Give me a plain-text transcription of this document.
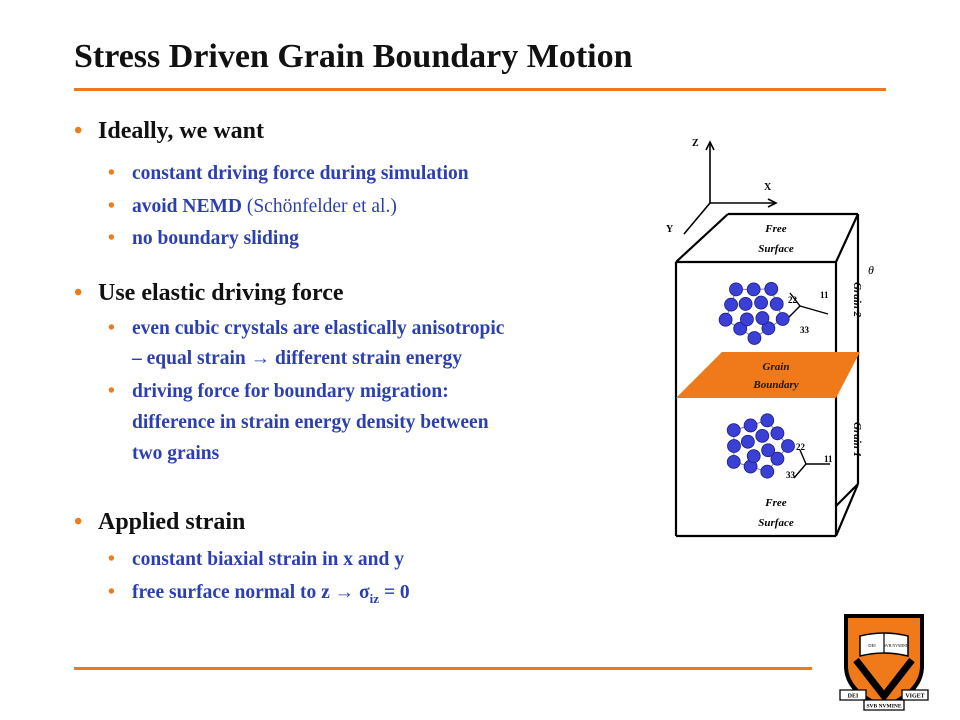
Stress Driven Grain Boundary Motion
• Ideally, we want
• constant driving force during simulation
• avoid NEMD (Schönfelder et al.)
• no boundary sliding
• Use elastic driving force
• even cubic crystals are elastically anisotropic
– equal strain → different strain energy
• driving force for boundary migration:
difference in strain energy density between
two grains
• Applied strain
• constant biaxial strain in x and y
• free surface normal to $z \to \sigma_{iz} = 0$
Z
X
Y	Free
Surface
Grain
Boundary
Free
Surface
Grain 2
Grain 1
θ
22	11
33
22
11
33
DEI SVB NVMINE
DEI	VIGET
SVB NVMINE
